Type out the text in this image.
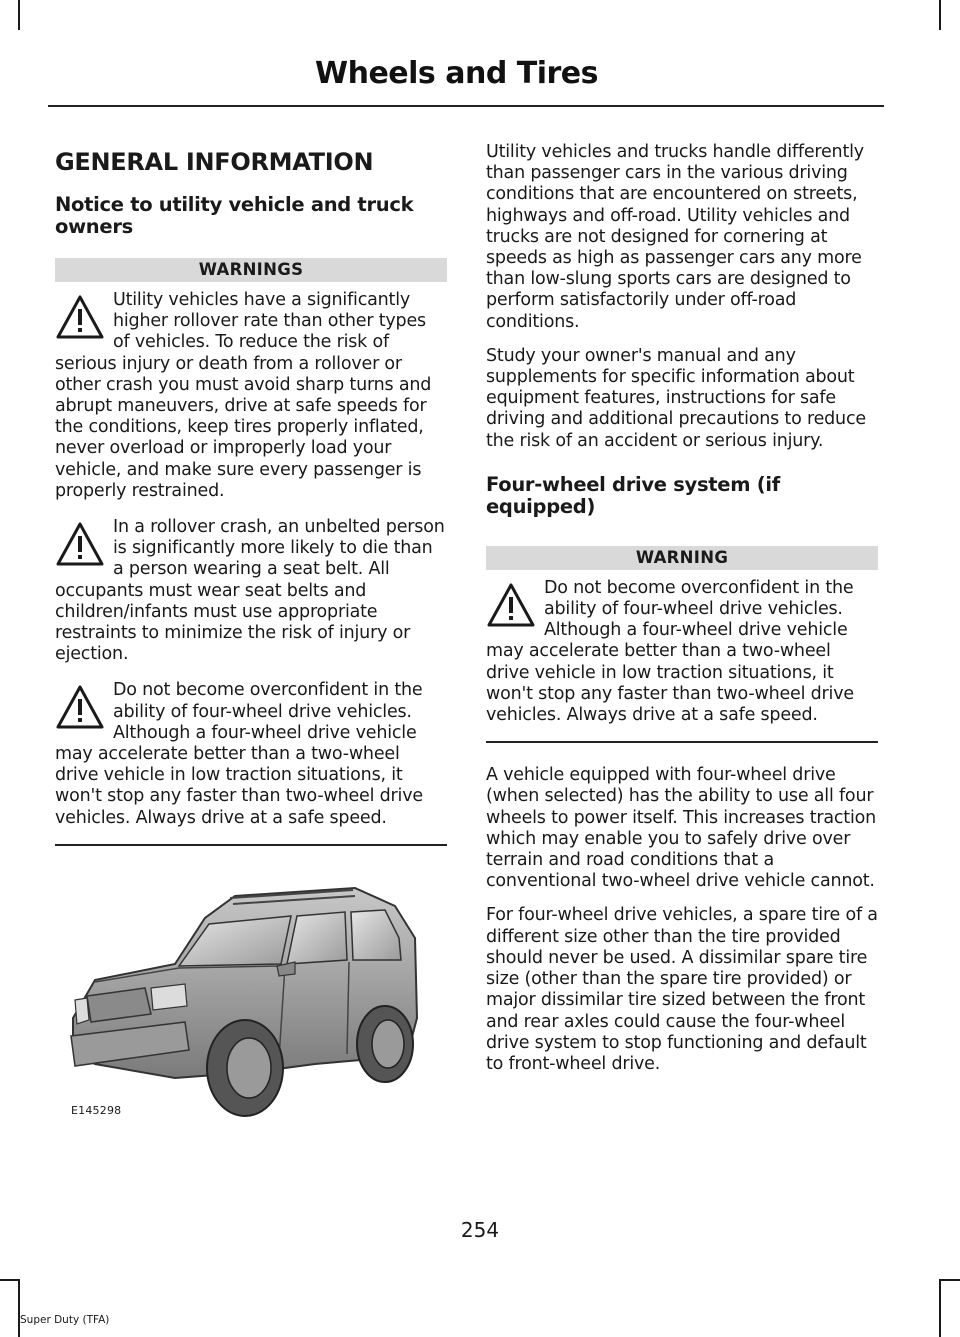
Wheels and Tires
GENERAL INFORMATION
Notice to utility vehicle and truck owners
WARNINGS
Utility vehicles have a significantly higher rollover rate than other types of vehicles. To reduce the risk of serious injury or death from a rollover or other crash you must avoid sharp turns and abrupt maneuvers, drive at safe speeds for the conditions, keep tires properly inflated, never overload or improperly load your vehicle, and make sure every passenger is properly restrained.
In a rollover crash, an unbelted person is significantly more likely to die than a person wearing a seat belt. All occupants must wear seat belts and children/infants must use appropriate restraints to minimize the risk of injury or ejection.
Do not become overconfident in the ability of four-wheel drive vehicles. Although a four-wheel drive vehicle may accelerate better than a two-wheel drive vehicle in low traction situations, it won't stop any faster than two-wheel drive vehicles. Always drive at a safe speed.
E145298
Utility vehicles and trucks handle differently than passenger cars in the various driving conditions that are encountered on streets, highways and off-road. Utility vehicles and trucks are not designed for cornering at speeds as high as passenger cars any more than low-slung sports cars are designed to perform satisfactorily under off-road conditions.
Study your owner's manual and any supplements for specific information about equipment features, instructions for safe driving and additional precautions to reduce the risk of an accident or serious injury.
Four-wheel drive system (if equipped)
WARNING
Do not become overconfident in the ability of four-wheel drive vehicles. Although a four-wheel drive vehicle may accelerate better than a two-wheel drive vehicle in low traction situations, it won't stop any faster than two-wheel drive vehicles. Always drive at a safe speed.
A vehicle equipped with four-wheel drive (when selected) has the ability to use all four wheels to power itself. This increases traction which may enable you to safely drive over terrain and road conditions that a conventional two-wheel drive vehicle cannot.
For four-wheel drive vehicles, a spare tire of a different size other than the tire provided should never be used. A dissimilar spare tire size (other than the spare tire provided) or major dissimilar tire sized between the front and rear axles could cause the four-wheel drive system to stop functioning and default to front-wheel drive.
254
Super Duty (TFA)
